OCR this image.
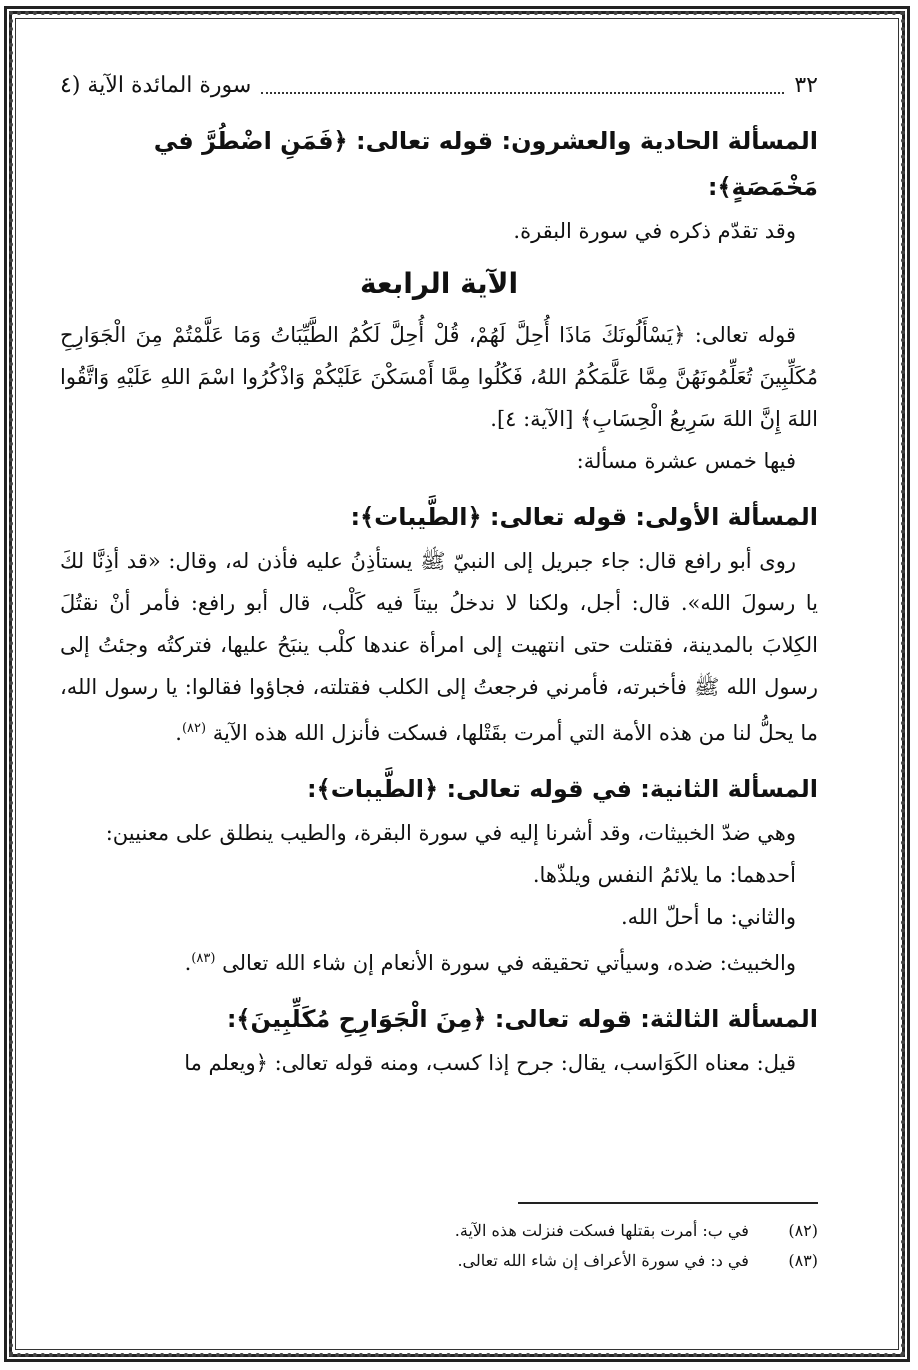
٣٢
سورة المائدة الآية (٤
المسألة الحادية والعشرون: قوله تعالى: ﴿فَمَنِ اضْطُرَّ في مَخْمَصَةٍ﴾:
وقد تقدّم ذكره في سورة البقرة.
الآية الرابعة
قوله تعالى: ﴿يَسْأَلُونَكَ مَاذَا أُحِلَّ لَهُمْ، قُلْ أُحِلَّ لَكُمُ الطَّيِّبَاتُ وَمَا عَلَّمْتُمْ مِنَ الْجَوَارِحِ مُكَلِّبِينَ تُعَلِّمُونَهُنَّ مِمَّا عَلَّمَكُمُ اللهُ، فَكُلُوا مِمَّا أَمْسَكْنَ عَلَيْكُمْ وَاذْكُرُوا اسْمَ اللهِ عَلَيْهِ وَاتَّقُوا اللهَ إِنَّ اللهَ سَرِيعُ الْحِسَابِ﴾ [الآية: ٤].
فيها خمس عشرة مسألة:
المسألة الأولى: قوله تعالى: ﴿الطَّيبات﴾:
روى أبو رافع قال: جاء جبريل إلى النبيّ ﷺ يستأذِنُ عليه فأذن له، وقال: «قد أذِنَّا لكَ يا رسولَ الله». قال: أجل، ولكنا لا ندخلُ بيتاً فيه كَلْب، قال أبو رافع: فأمر أنْ نقتُلَ الكِلابَ بالمدينة، فقتلت حتى انتهيت إلى امرأة عندها كلْب ينبَحُ عليها، فتركتُه وجئتُ إلى رسول الله ﷺ فأخبرته، فأمرني فرجعتُ إلى الكلب فقتلته، فجاؤوا فقالوا: يا رسول الله، ما يحلُّ لنا من هذه الأمة التي أمرت بقَتْلها، فسكت فأنزل الله هذه الآية $^{(٨٢)}$.
المسألة الثانية: في قوله تعالى: ﴿الطَّيبات﴾:
وهي ضدّ الخبيثات، وقد أشرنا إليه في سورة البقرة، والطيب ينطلق على معنيين:
أحدهما: ما يلائمُ النفس ويلذّها.
والثاني: ما أحلّ الله.
والخبيث: ضده، وسيأتي تحقيقه في سورة الأنعام إن شاء الله تعالى $^{(٨٣)}$.
المسألة الثالثة: قوله تعالى: ﴿مِنَ الْجَوَارِحِ مُكَلِّبِينَ﴾:
قيل: معناه الكَوَاسب، يقال: جرح إذا كسب، ومنه قوله تعالى: ﴿ويعلم ما
(٨٢) في ب: أمرت بقتلها فسكت فنزلت هذه الآية.
(٨٣) في د: في سورة الأعراف إن شاء الله تعالى.
